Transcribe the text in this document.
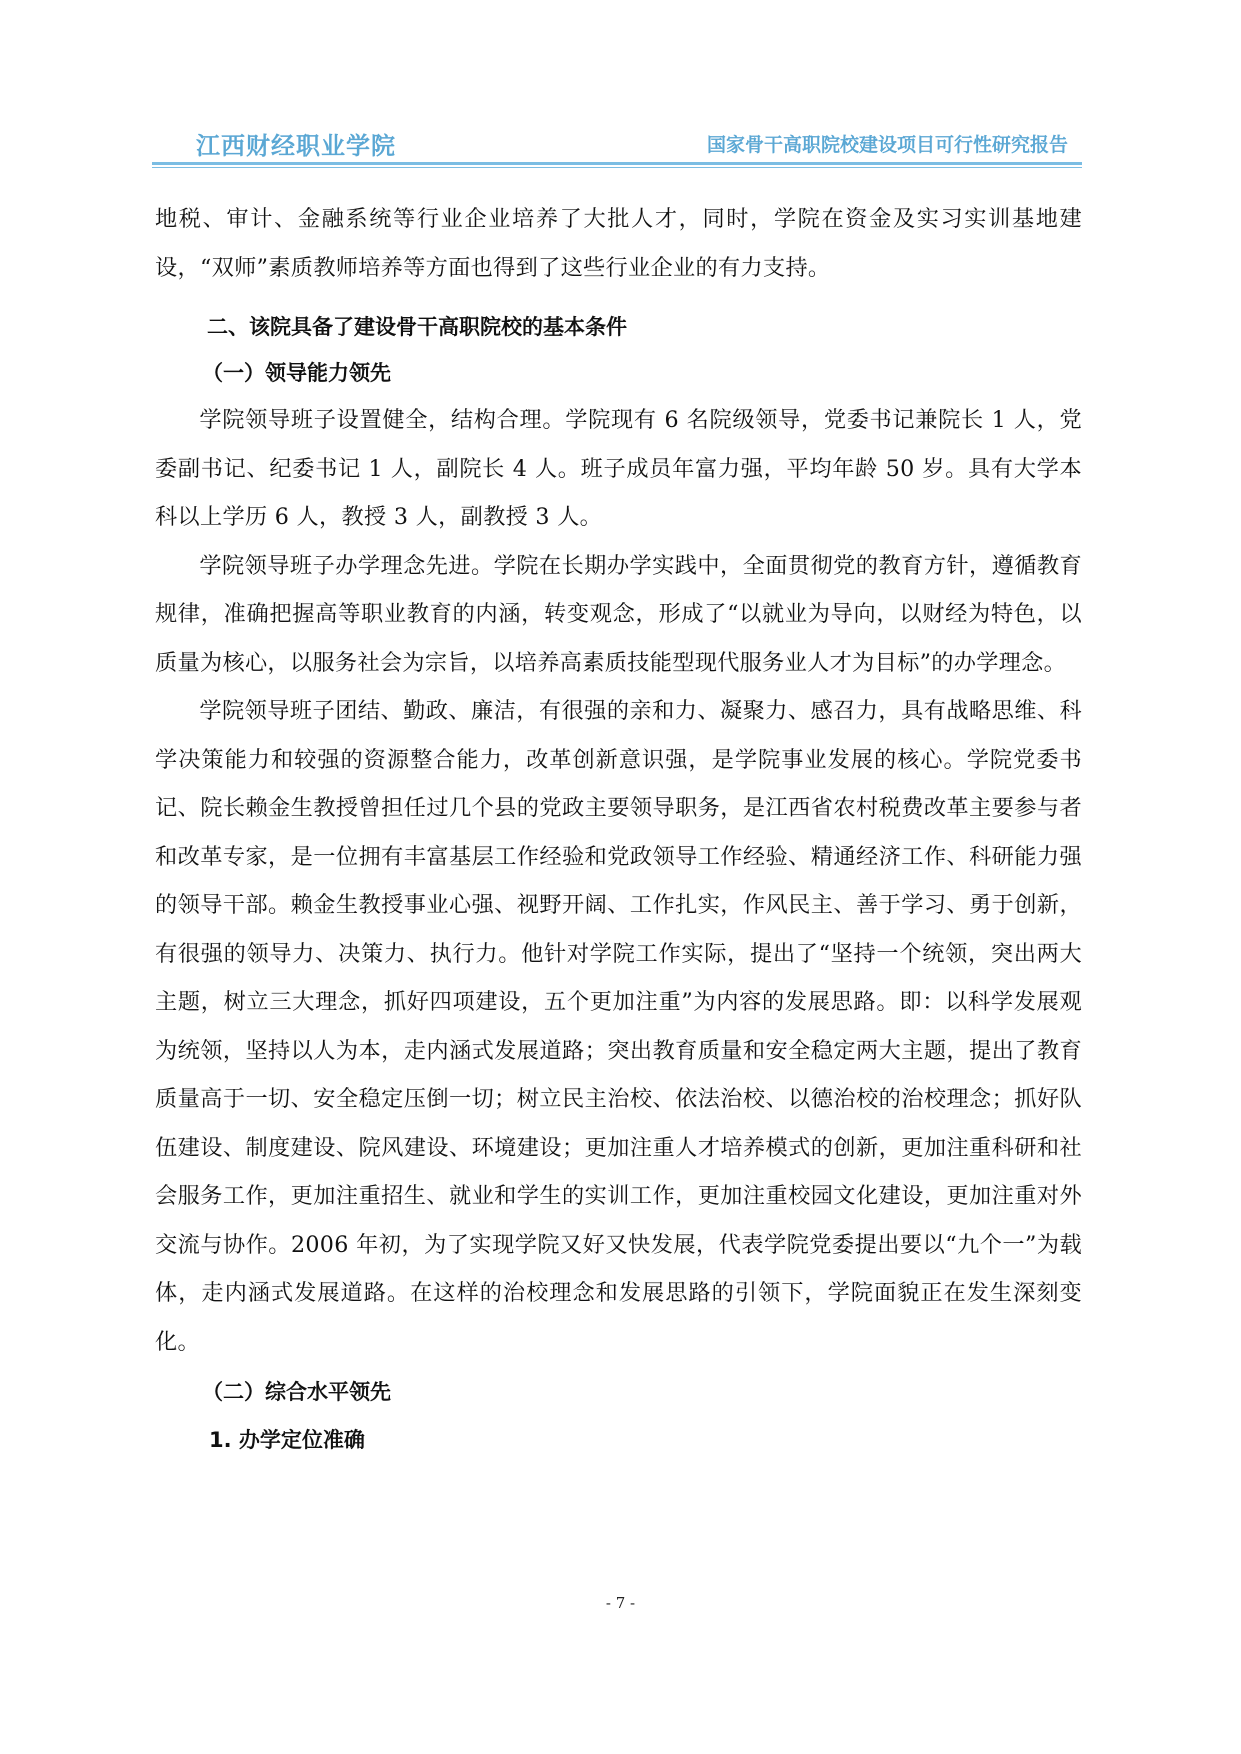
江西财经职业学院	国家骨干高职院校建设项目可行性研究报告

地税、审计、金融系统等行业企业培养了大批人才，同时，学院在资金及实习实训基地建设，“双师”素质教师培养等方面也得到了这些行业企业的有力支持。

二、该院具备了建设骨干高职院校的基本条件
（一）领导能力领先

学院领导班子设置健全，结构合理。学院现有 6 名院级领导，党委书记兼院长 1 人，党委副书记、纪委书记 1 人，副院长 4 人。班子成员年富力强，平均年龄 50 岁。具有大学本科以上学历 6 人，教授 3 人，副教授 3 人。

学院领导班子办学理念先进。学院在长期办学实践中，全面贯彻党的教育方针，遵循教育规律，准确把握高等职业教育的内涵，转变观念，形成了“以就业为导向，以财经为特色，以质量为核心，以服务社会为宗旨，以培养高素质技能型现代服务业人才为目标”的办学理念。

学院领导班子团结、勤政、廉洁，有很强的亲和力、凝聚力、感召力，具有战略思维、科学决策能力和较强的资源整合能力，改革创新意识强，是学院事业发展的核心。学院党委书记、院长赖金生教授曾担任过几个县的党政主要领导职务，是江西省农村税费改革主要参与者和改革专家，是一位拥有丰富基层工作经验和党政领导工作经验、精通经济工作、科研能力强的领导干部。赖金生教授事业心强、视野开阔、工作扎实，作风民主、善于学习、勇于创新，有很强的领导力、决策力、执行力。他针对学院工作实际，提出了“坚持一个统领，突出两大主题，树立三大理念，抓好四项建设，五个更加注重”为内容的发展思路。即：以科学发展观为统领，坚持以人为本，走内涵式发展道路；突出教育质量和安全稳定两大主题，提出了教育质量高于一切、安全稳定压倒一切；树立民主治校、依法治校、以德治校的治校理念；抓好队伍建设、制度建设、院风建设、环境建设；更加注重人才培养模式的创新，更加注重科研和社会服务工作，更加注重招生、就业和学生的实训工作，更加注重校园文化建设，更加注重对外交流与协作。2006 年初，为了实现学院又好又快发展，代表学院党委提出要以“九个一”为载体，走内涵式发展道路。在这样的治校理念和发展思路的引领下，学院面貌正在发生深刻变化。

（二）综合水平领先
1. 办学定位准确
- 7 -
